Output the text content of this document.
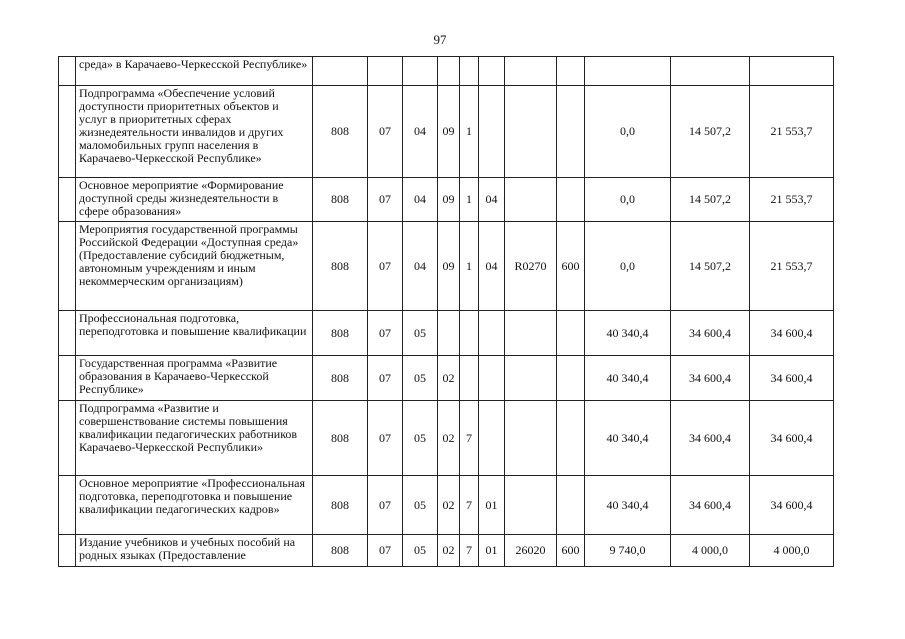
97
	среда» в Карачаево-Черкесской Республике»											
	Подпрограмма «Обеспечение условий доступности приоритетных объектов и услуг в приоритетных сферах жизнедеятельности инвалидов и других маломобильных групп населения в Карачаево-Черкесской Республике»	808	07	04	09	1				0,0	14 507,2	21 553,7
	Основное мероприятие «Формирование доступной среды жизнедеятельности в сфере образования»	808	07	04	09	1	04			0,0	14 507,2	21 553,7
	Мероприятия государственной программы Российской Федерации «Доступная среда» (Предоставление субсидий бюджетным, автономным учреждениям и иным некоммерческим организациям)	808	07	04	09	1	04	R0270	600	0,0	14 507,2	21 553,7
	Профессиональная подготовка, переподготовка и повышение квалификации	808	07	05						40 340,4	34 600,4	34 600,4
	Государственная программа «Развитие образования в Карачаево-Черкесской Республике»	808	07	05	02					40 340,4	34 600,4	34 600,4
	Подпрограмма «Развитие и совершенствование системы повышения квалификации педагогических работников Карачаево-Черкесской Республики»	808	07	05	02	7				40 340,4	34 600,4	34 600,4
	Основное мероприятие «Профессиональная подготовка, переподготовка и повышение квалификации педагогических кадров»	808	07	05	02	7	01			40 340,4	34 600,4	34 600,4
	Издание учебников и учебных пособий на родных языках (Предоставление	808	07	05	02	7	01	26020	600	9 740,0	4 000,0	4 000,0
